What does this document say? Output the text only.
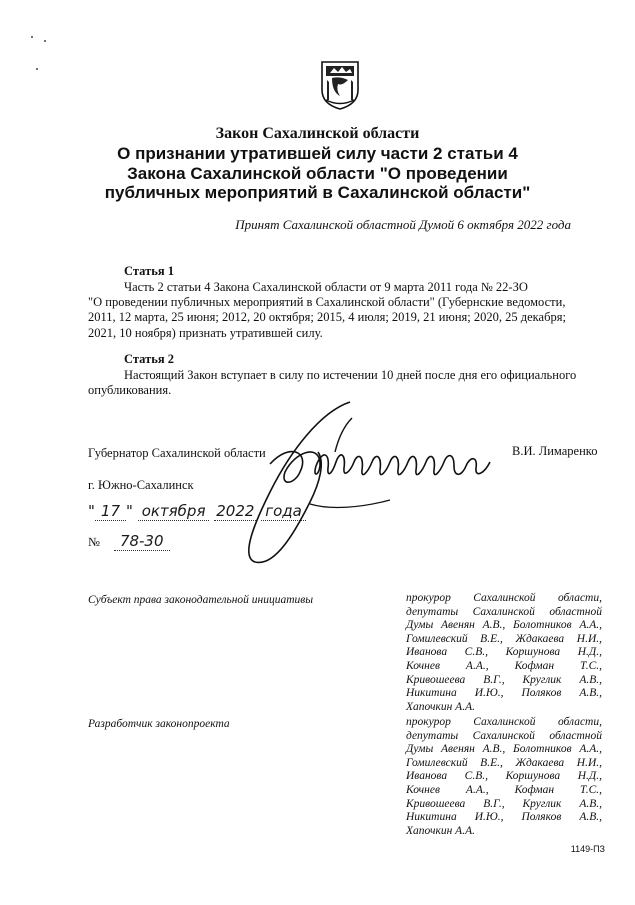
Закон Сахалинской области
О признании утратившей силу части 2 статьи 4
Закона Сахалинской области "О проведении
публичных мероприятий в Сахалинской области"
Принят Сахалинской областной Думой 6 октября 2022 года
Статья 1
Часть 2 статьи 4 Закона Сахалинской области от 9 марта 2011 года № 22-ЗО
"О проведении публичных мероприятий в Сахалинской области" (Губернские ведомости,
2011, 12 марта, 25 июня; 2012, 20 октября; 2015, 4 июля; 2019, 21 июня; 2020, 25 декабря;
2021, 10 ноября) признать утратившей силу.
Статья 2
Настоящий Закон вступает в силу по истечении 10 дней после дня его официального
опубликования.
Губернатор Сахалинской области	В.И. Лимаренко
г. Южно-Сахалинск
" 17 " октября 2022 года
№ 78-30
Субъект права законодательной инициативы	прокурор Сахалинской области,
депутаты Сахалинской областной
Думы Авенян А.В., Болотников А.А.,
Гомилевский В.Е., Ждакаева Н.И.,
Иванова С.В., Коршунова Н.Д.,
Кочнев А.А., Кофман Т.С.,
Кривошеева В.Г., Круглик А.В.,
Никитина И.Ю., Поляков А.В.,
Хапочкин А.А.
Разработчик законопроекта	прокурор Сахалинской области,
депутаты Сахалинской областной
Думы Авенян А.В., Болотников А.А.,
Гомилевский В.Е., Ждакаева Н.И.,
Иванова С.В., Коршунова Н.Д.,
Кочнев А.А., Кофман Т.С.,
Кривошеева В.Г., Круглик А.В.,
Никитина И.Ю., Поляков А.В.,
Хапочкин А.А.
1149-ПЗ
